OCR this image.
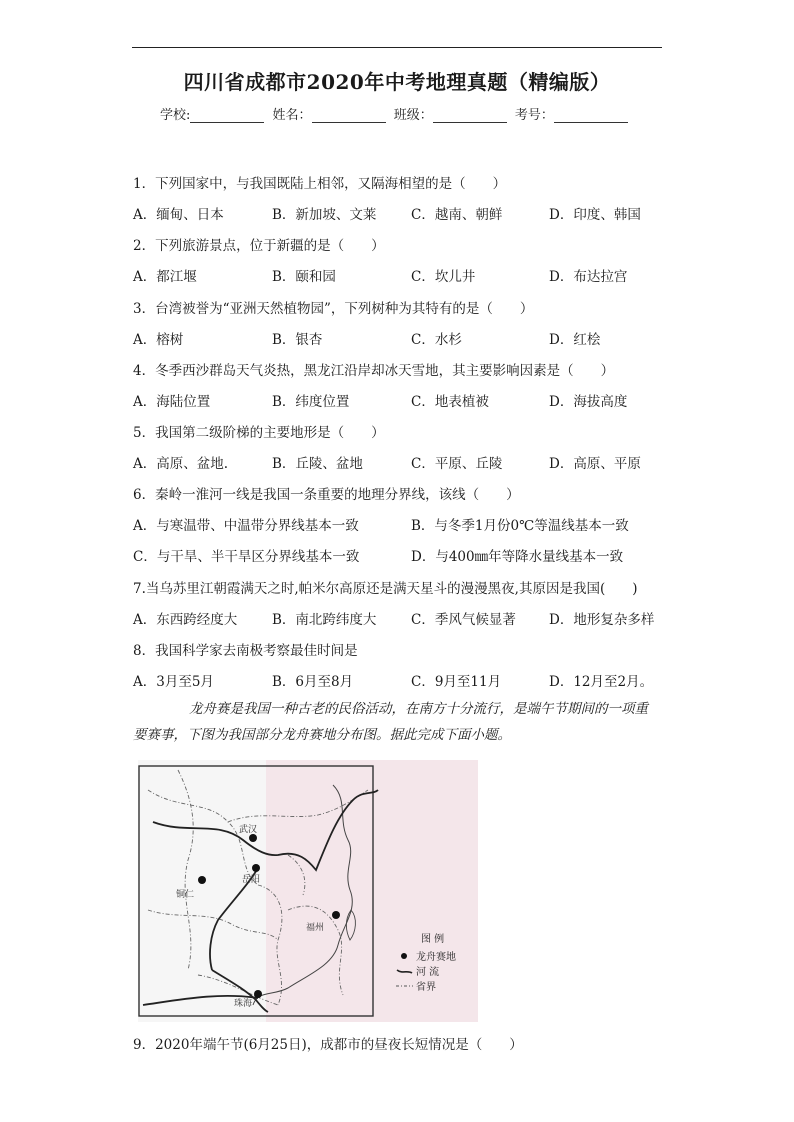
四川省成都市2020年中考地理真题（精编版）
学校:	姓名：	班级：	考号：
1．下列国家中，与我国既陆上相邻，又隔海相望的是（　　）
A．缅甸、日本	B．新加坡、文莱	C．越南、朝鲜	D．印度、韩国
2．下列旅游景点，位于新疆的是（　　）
A．都江堰	B．颐和园	C．坎儿井	D．布达拉宫
3．台湾被誉为“亚洲天然植物园”，下列树种为其特有的是（　　）
A．榕树	B．银杏	C．水杉	D．红桧
4．冬季西沙群岛天气炎热，黑龙江沿岸却冰天雪地，其主要影响因素是（　　）
A．海陆位置	B．纬度位置	C．地表植被	D．海拔高度
5．我国第二级阶梯的主要地形是（　　）
A．高原、盆地.	B．丘陵、盆地	C．平原、丘陵	D．高原、平原
6．秦岭一淮河一线是我国一条重要的地理分界线，该线（　　）
A．与寒温带、中温带分界线基本一致	B．与冬季1月份0℃等温线基本一致
C．与干旱、半干旱区分界线基本一致	D．与400㎜年等降水量线基本一致
7.当乌苏里江朝霞满天之时,帕米尔高原还是满天星斗的漫漫黑夜,其原因是我国(　　)
A．东西跨经度大	B．南北跨纬度大	C．季风气候显著 D．地形复杂多样
8．我国科学家去南极考察最佳时间是
A．3月至5月	B．6月至8月	C．9月至11月	D．12月至2月。
龙舟赛是我国一种古老的民俗活动，在南方十分流行，是端午节期间的一项重
要赛事，下图为我国部分龙舟赛地分布图。据此完成下面小题。
武汉
岳阳
铜仁
福州
珠海
图 例
龙舟赛地
河 流
省界
9．2020年端午节(6月25日)，成都市的昼夜长短情况是（　　）
